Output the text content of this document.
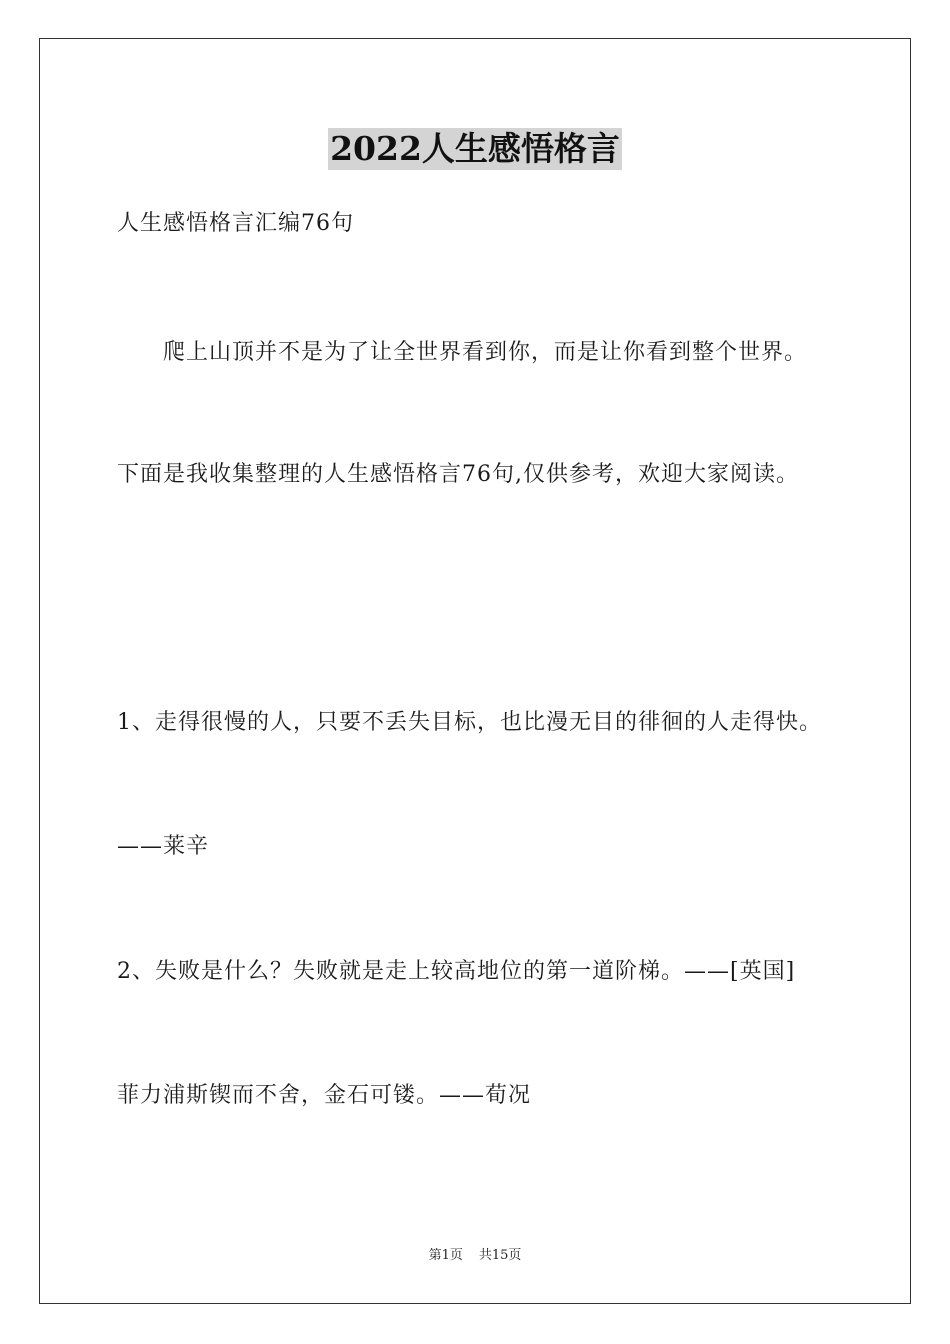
2022人生感悟格言
人生感悟格言汇编76句
爬上山顶并不是为了让全世界看到你，而是让你看到整个世界。
下面是我收集整理的人生感悟格言76句,仅供参考，欢迎大家阅读。
1、走得很慢的人，只要不丢失目标，也比漫无目的徘徊的人走得快。
——莱辛
2、失败是什么？失败就是走上较高地位的第一道阶梯。——[英国]
菲力浦斯锲而不舍，金石可镂。——荀况
第1页 共15页
